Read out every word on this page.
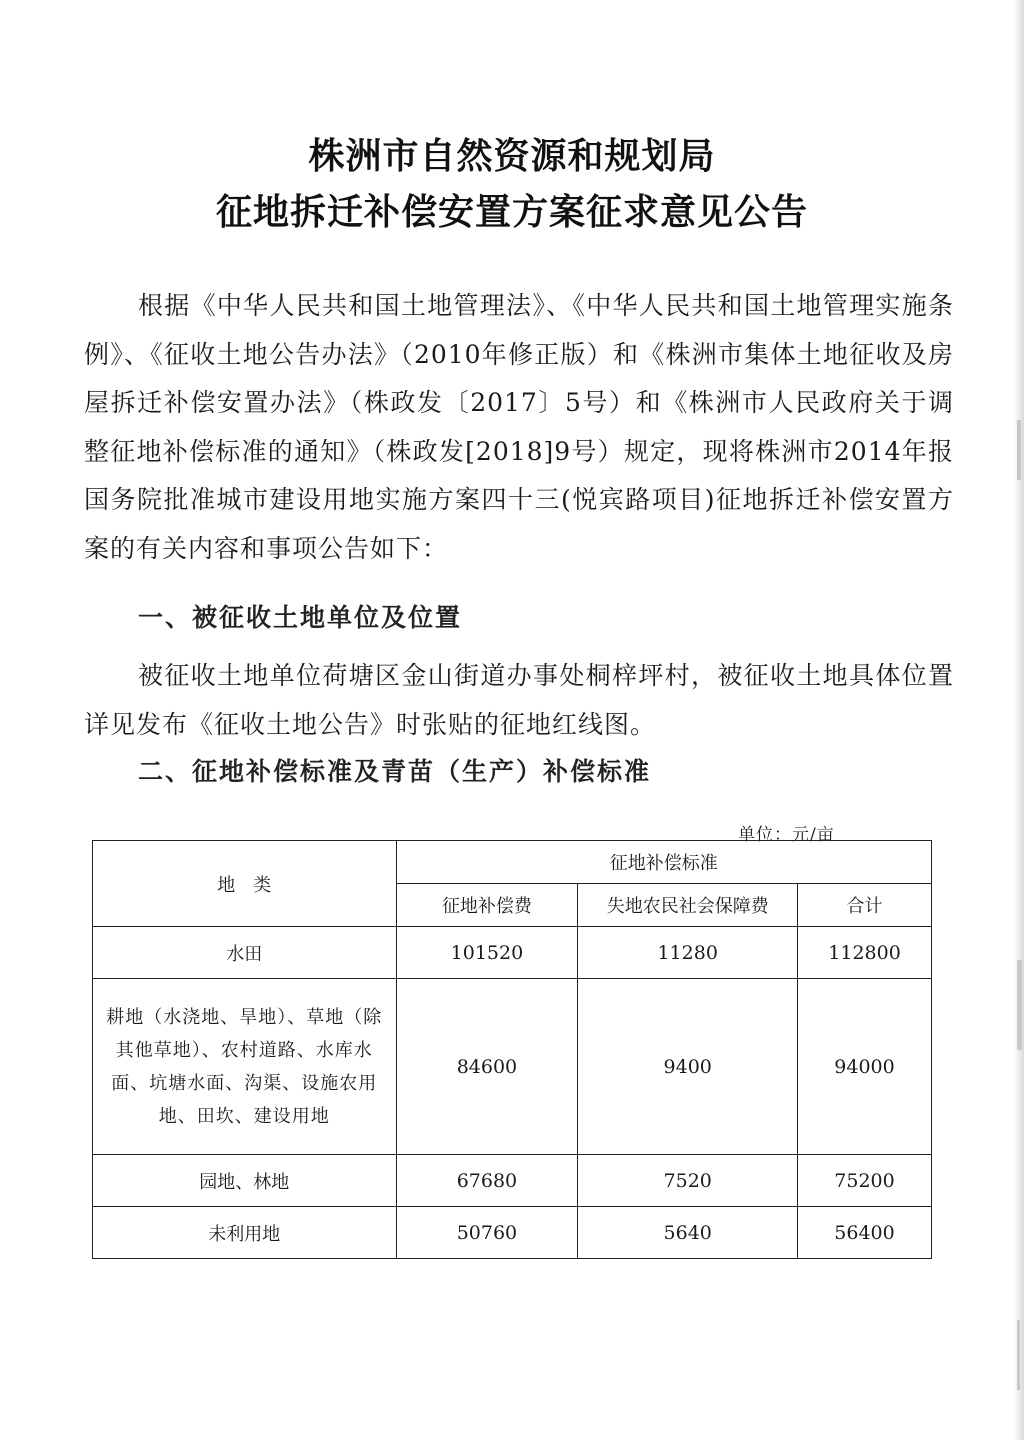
株洲市自然资源和规划局
征地拆迁补偿安置方案征求意见公告

根据《中华人民共和国土地管理法》、《中华人民共和国土地管理实施条例》、《征收土地公告办法》（2010年修正版）和《株洲市集体土地征收及房屋拆迁补偿安置办法》（株政发〔2017〕5号）和《株洲市人民政府关于调整征地补偿标准的通知》（株政发[2018]9号）规定，现将株洲市2014年报国务院批准城市建设用地实施方案四十三(悦宾路项目)征地拆迁补偿安置方案的有关内容和事项公告如下：

一、被征收土地单位及位置

被征收土地单位荷塘区金山街道办事处桐梓坪村，被征收土地具体位置详见发布《征收土地公告》时张贴的征地红线图。

二、征地补偿标准及青苗（生产）补偿标准
单位：元/亩
地　类	征地补偿标准		
	征地补偿费	失地农民社会保障费	合计
水田	101520	11280	112800
耕地（水浇地、旱地）、草地（除其他草地）、农村道路、水库水面、坑塘水面、沟渠、设施农用地、田坎、建设用地	84600	9400	94000
园地、林地	67680	7520	75200
未利用地	50760	5640	56400
